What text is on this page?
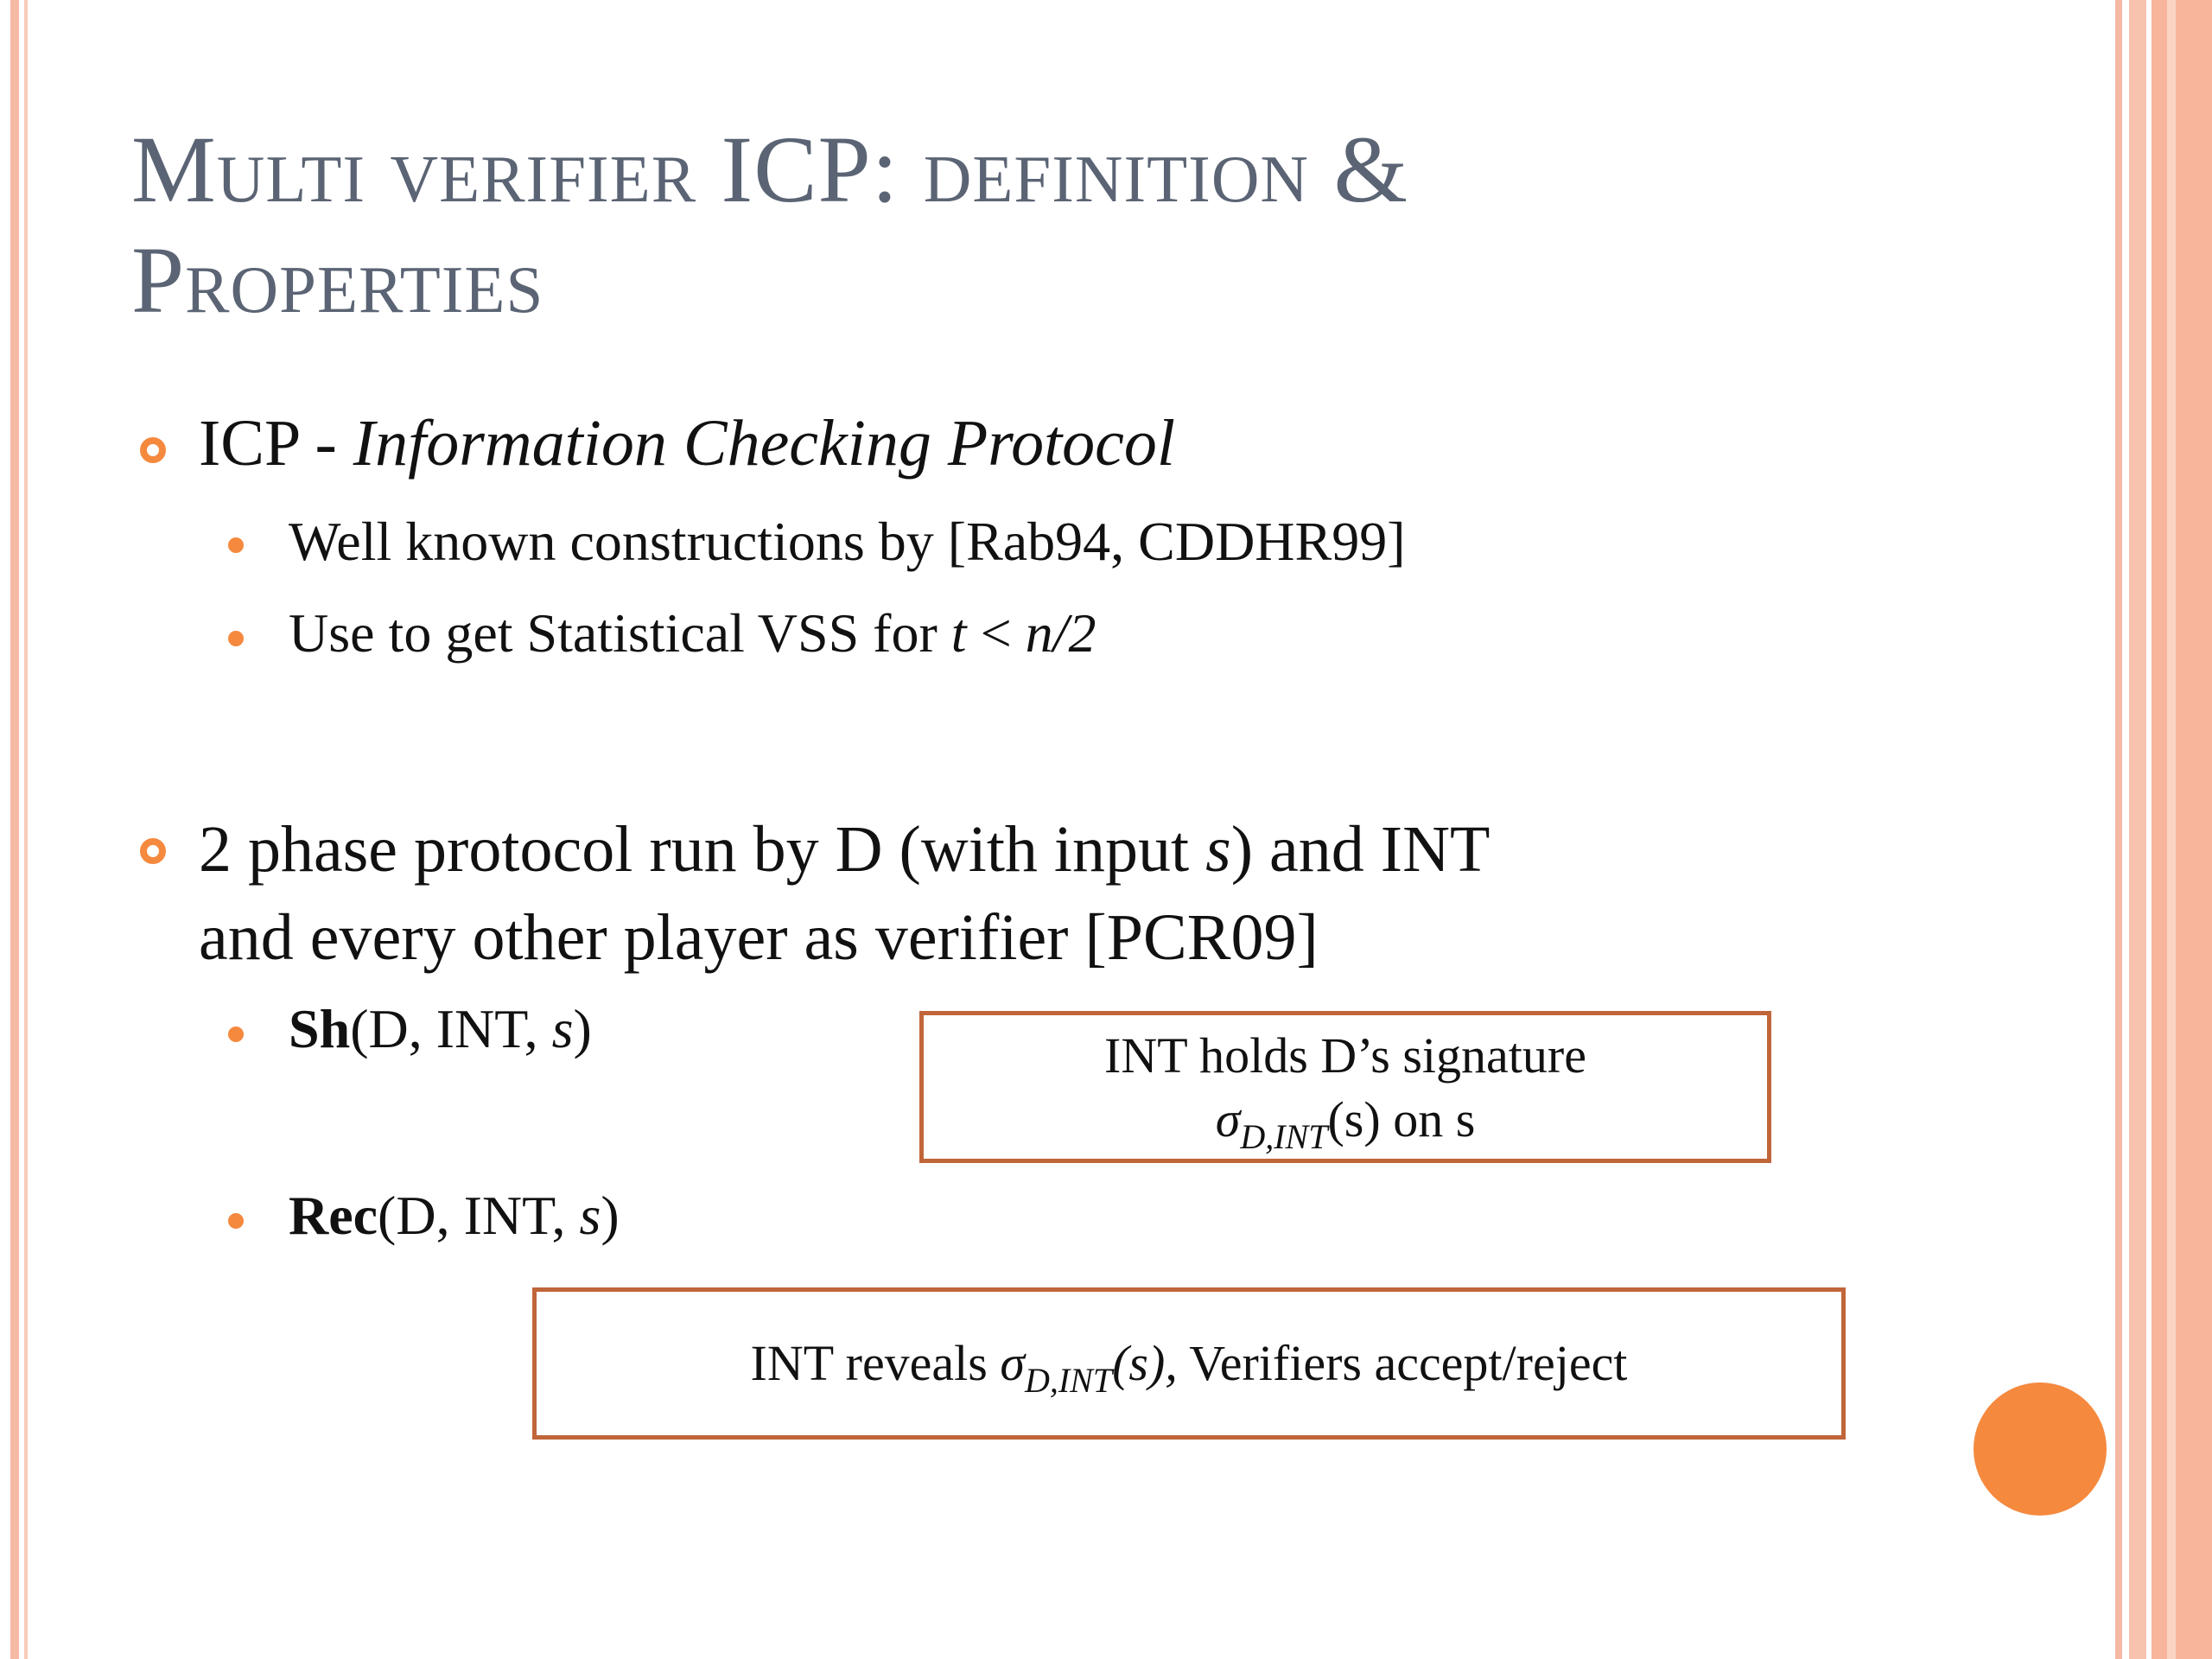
Multi verifier ICP: definition &
Properties
ICP - Information Checking Protocol
Well known constructions by [Rab94, CDDHR99]
Use to get Statistical VSS for t < n/2
2 phase protocol run by D (with input s) and INT
and every other player as verifier [PCR09]
Sh(D, INT, s)
Rec(D, INT, s)
INT holds D’s signature
$\sigma_{D,INT}(s)$ on s
INT reveals $\sigma_{D,INT}(s)$, Verifiers accept/reject
